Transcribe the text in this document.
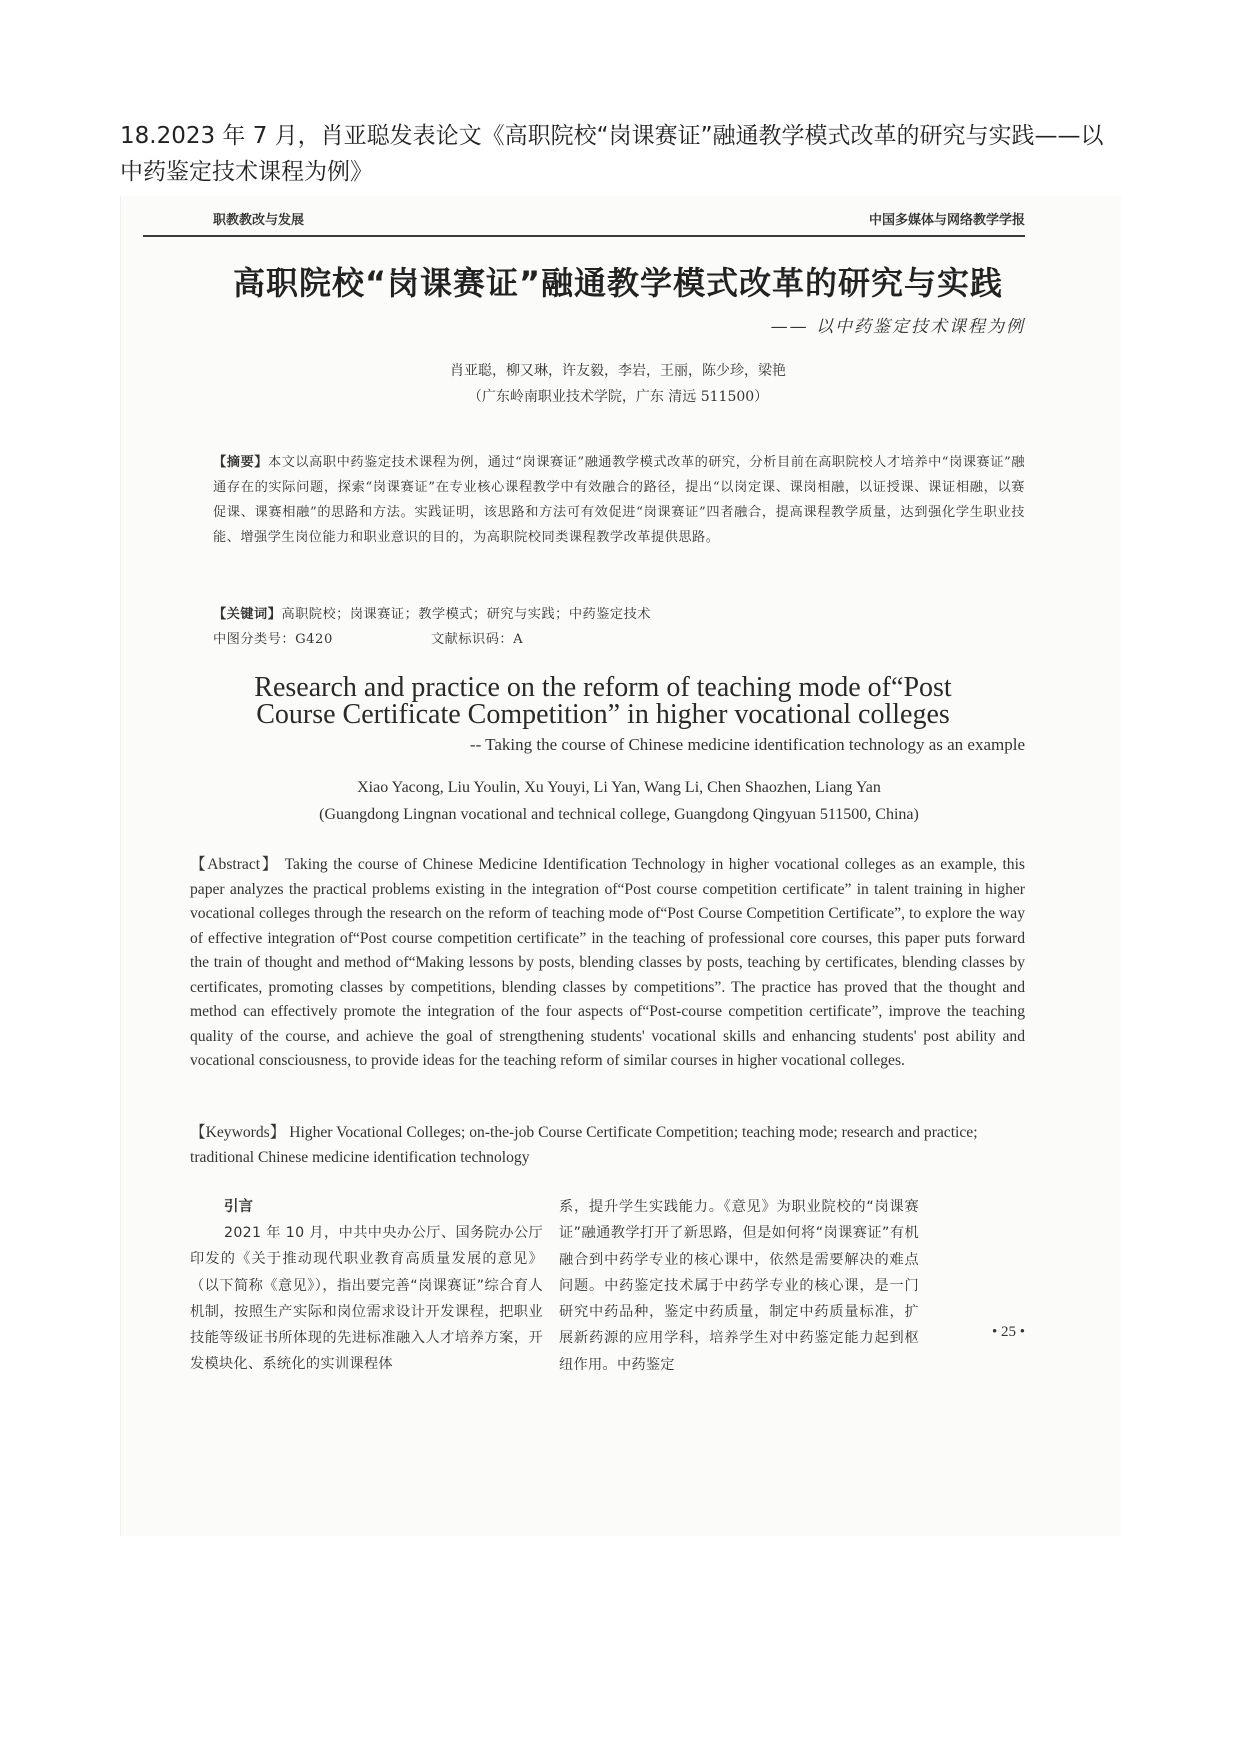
18.2023 年 7 月，肖亚聪发表论文《高职院校“岗课赛证”融通教学模式改革的研究与实践——以中药鉴定技术课程为例》
职教教改与发展	中国多媒体与网络教学学报
高职院校“岗课赛证”融通教学模式改革的研究与实践
—— 以中药鉴定技术课程为例
肖亚聪，柳又琳，许友毅，李岩，王丽，陈少珍，梁艳
（广东岭南职业技术学院，广东 清远 511500）
【摘要】本文以高职中药鉴定技术课程为例，通过“岗课赛证”融通教学模式改革的研究，分析目前在高职院校人才培养中“岗课赛证”融通存在的实际问题，探索“岗课赛证”在专业核心课程教学中有效融合的路径，提出“以岗定课、课岗相融，以证授课、课证相融，以赛促课、课赛相融”的思路和方法。实践证明，该思路和方法可有效促进“岗课赛证”四者融合，提高课程教学质量，达到强化学生职业技能、增强学生岗位能力和职业意识的目的，为高职院校同类课程教学改革提供思路。
【关键词】高职院校；岗课赛证；教学模式；研究与实践；中药鉴定技术
中图分类号：G420	文献标识码：A
Research and practice on the reform of teaching mode of“Post
Course Certificate Competition” in higher vocational colleges
-- Taking the course of Chinese medicine identification technology as an example
Xiao Yacong, Liu Youlin, Xu Youyi, Li Yan, Wang Li, Chen Shaozhen, Liang Yan
(Guangdong Lingnan vocational and technical college, Guangdong Qingyuan 511500, China)
【Abstract】 Taking the course of Chinese Medicine Identification Technology in higher vocational colleges as an example, this paper analyzes the practical problems existing in the integration of“Post course competition certificate” in talent training in higher vocational colleges through the research on the reform of teaching mode of“Post Course Competition Certificate”, to explore the way of effective integration of“Post course competition certificate” in the teaching of professional core courses, this paper puts forward the train of thought and method of“Making lessons by posts, blending classes by posts, teaching by certificates, blending classes by certificates, promoting classes by competitions, blending classes by competitions”. The practice has proved that the thought and method can effectively promote the integration of the four aspects of“Post-course competition certificate”, improve the teaching quality of the course, and achieve the goal of strengthening students' vocational skills and enhancing students' post ability and vocational consciousness, to provide ideas for the teaching reform of similar courses in higher vocational colleges.
【Keywords】 Higher Vocational Colleges; on-the-job Course Certificate Competition; teaching mode; research and practice; traditional Chinese medicine identification technology
引言
2021 年 10 月，中共中央办公厅、国务院办公厅印发的《关于推动现代职业教育高质量发展的意见》（以下简称《意见》），指出要完善“岗课赛证”综合育人机制，按照生产实际和岗位需求设计开发课程，把职业技能等级证书所体现的先进标准融入人才培养方案，开发模块化、系统化的实训课程体
系，提升学生实践能力。《意见》为职业院校的“岗课赛证”融通教学打开了新思路，但是如何将“岗课赛证”有机融合到中药学专业的核心课中，依然是需要解决的难点问题。中药鉴定技术属于中药学专业的核心课，是一门研究中药品种，鉴定中药质量，制定中药质量标准，扩展新药源的应用学科，培养学生对中药鉴定能力起到枢纽作用。中药鉴定
• 25 •
